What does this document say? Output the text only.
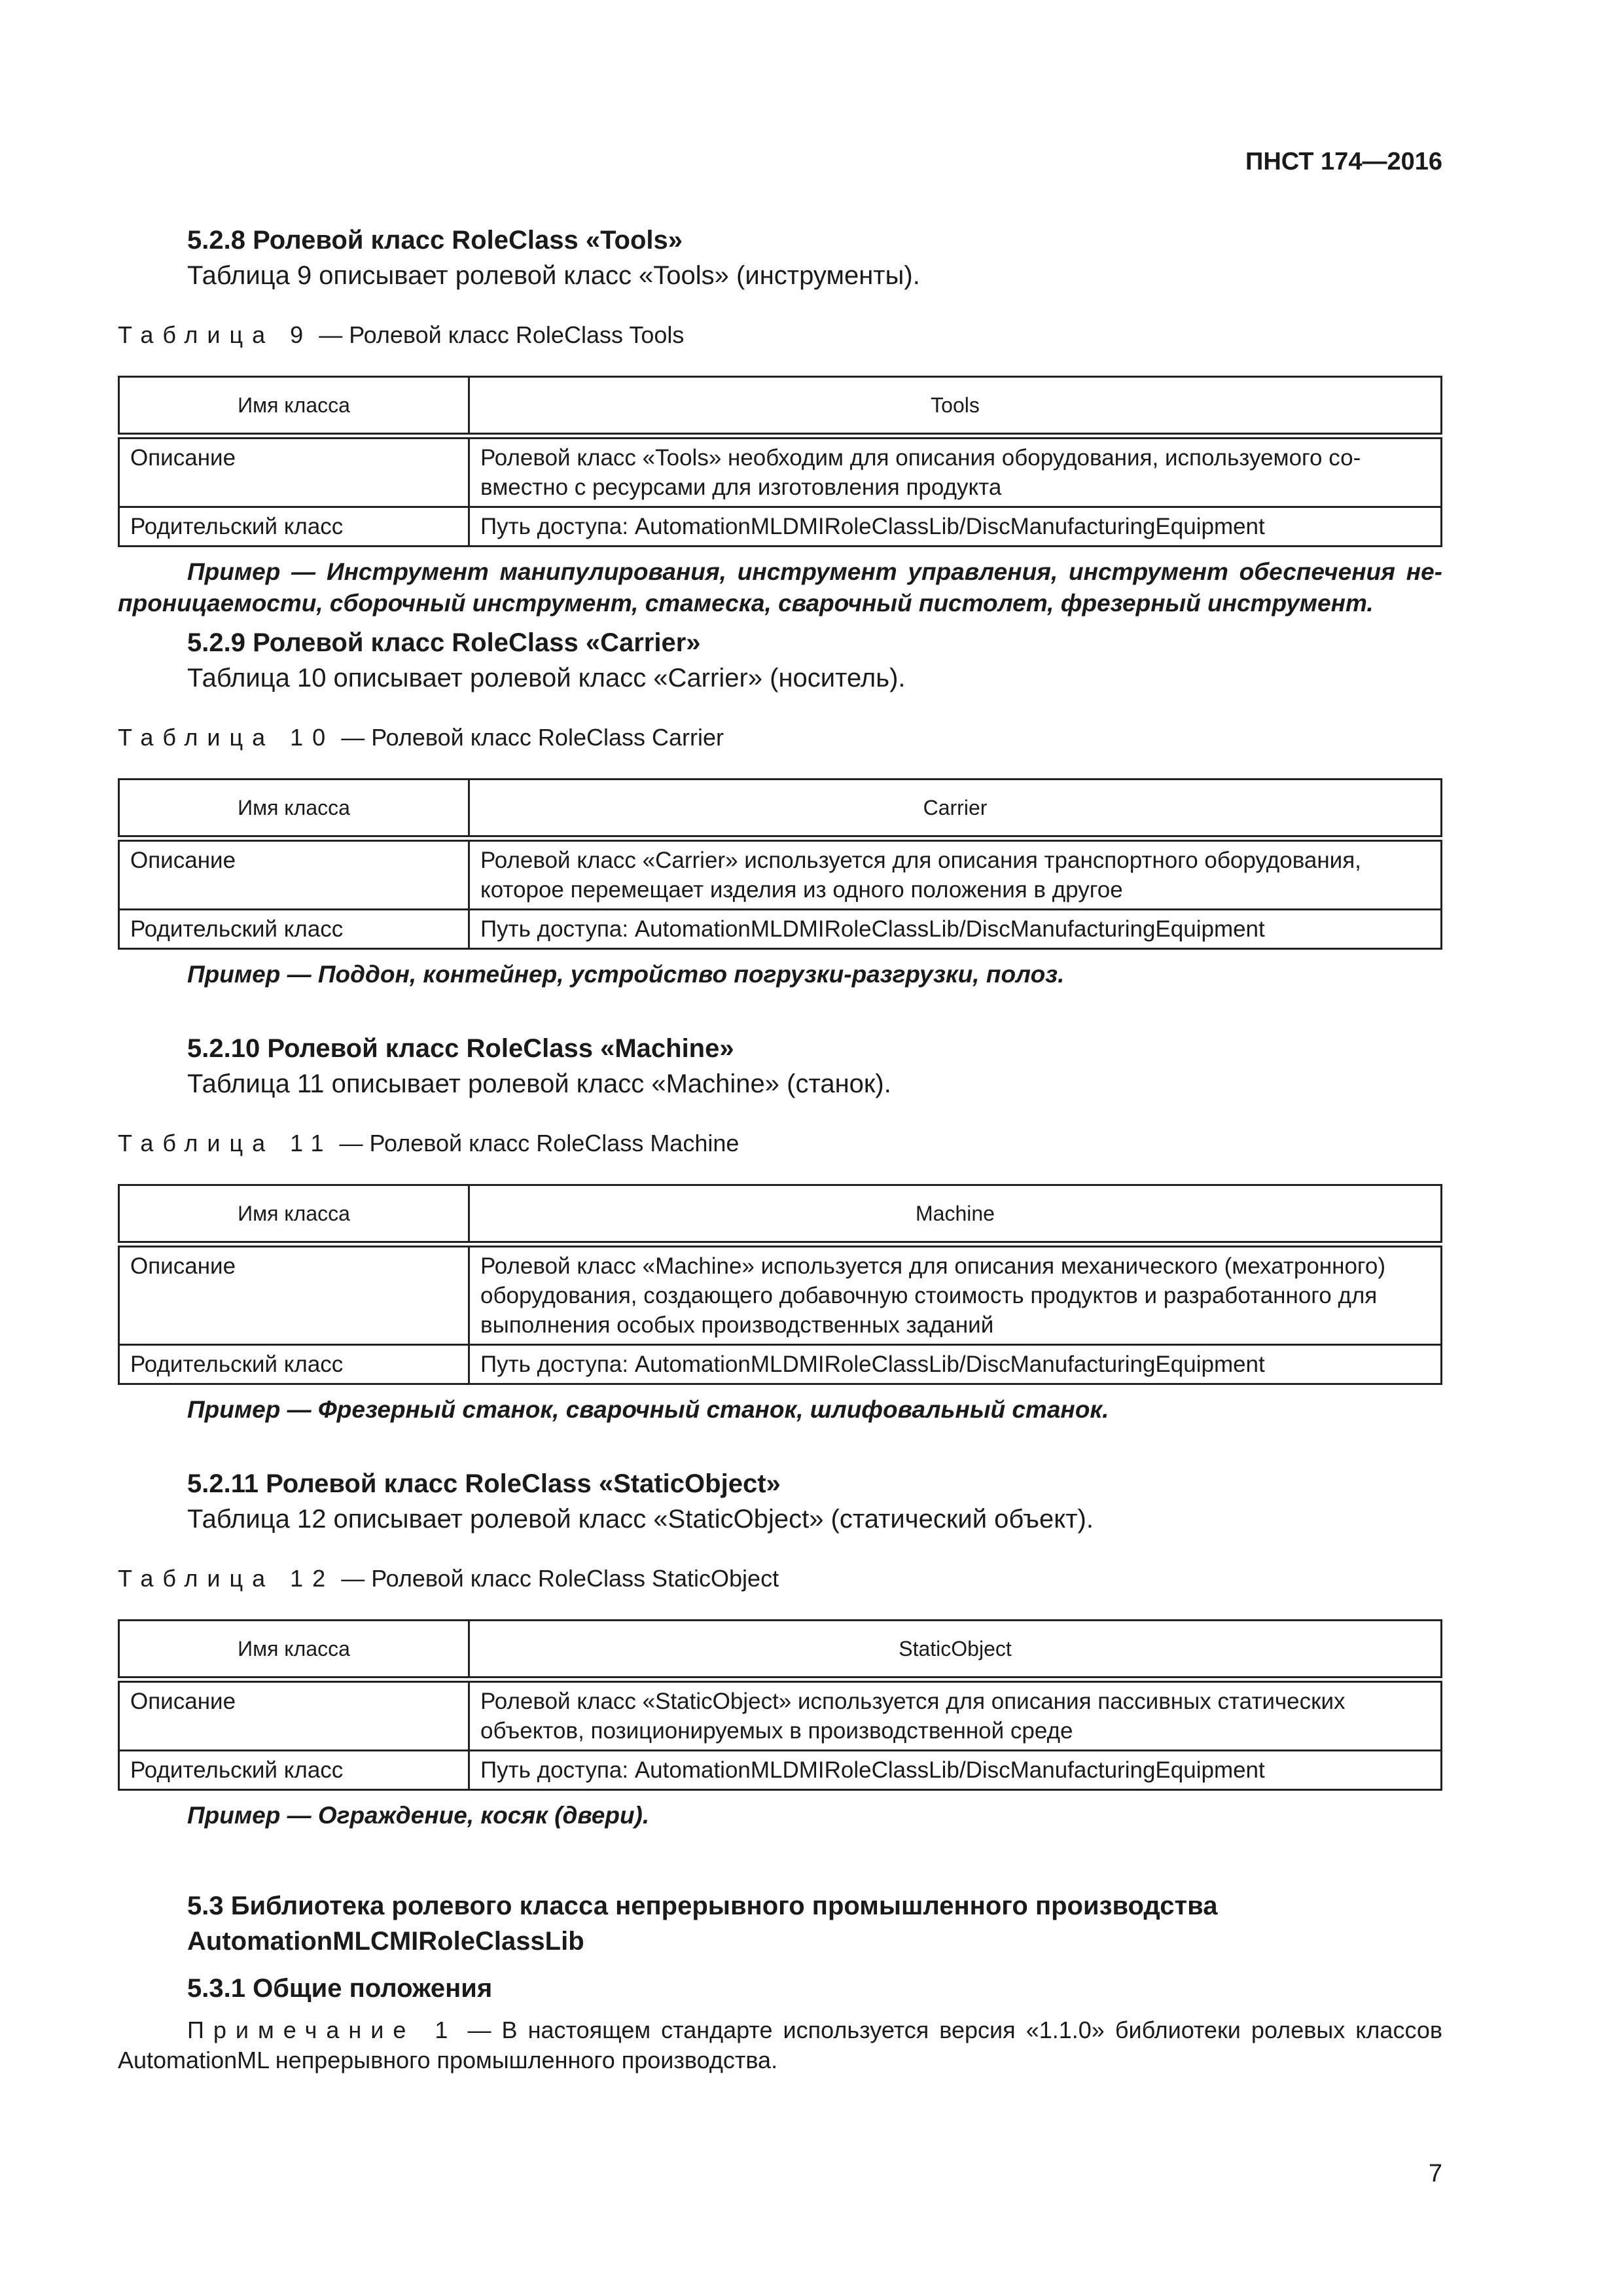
ПНСТ 174—2016
5.2.8 Ролевой класс RoleClass «Tools»
Таблица 9 описывает ролевой класс «Tools» (инструменты).
Таблица 9 — Ролевой класс RoleClass Tools
Имя класса	Tools
Описание	Ролевой класс «Tools» необходим для описания оборудования, используемого совместно с ресурсами для изготовления продукта
Родительский класс	Путь доступа: AutomationMLDMIRoleClassLib/DiscManufacturingEquipment
Пример — Инструмент манипулирования, инструмент управления, инструмент обеспечения непроницаемости, сборочный инструмент, стамеска, сварочный пистолет, фрезерный инструмент.
5.2.9 Ролевой класс RoleClass «Carrier»
Таблица 10 описывает ролевой класс «Carrier» (носитель).
Таблица 10 — Ролевой класс RoleClass Carrier
Имя класса	Carrier
Описание	Ролевой класс «Carrier» используется для описания транспортного оборудования, которое перемещает изделия из одного положения в другое
Родительский класс	Путь доступа: AutomationMLDMIRoleClassLib/DiscManufacturingEquipment
Пример — Поддон, контейнер, устройство погрузки-разгрузки, полоз.
5.2.10 Ролевой класс RoleClass «Machine»
Таблица 11 описывает ролевой класс «Machine» (станок).
Таблица 11 — Ролевой класс RoleClass Machine
Имя класса	Machine
Описание	Ролевой класс «Machine» используется для описания механического (мехатронного) оборудования, создающего добавочную стоимость продуктов и разработанного для выполнения особых производственных заданий
Родительский класс	Путь доступа: AutomationMLDMIRoleClassLib/DiscManufacturingEquipment
Пример — Фрезерный станок, сварочный станок, шлифовальный станок.
5.2.11 Ролевой класс RoleClass «StaticObject»
Таблица 12 описывает ролевой класс «StaticObject» (статический объект).
Таблица 12 — Ролевой класс RoleClass StaticObject
Имя класса	StaticObject
Описание	Ролевой класс «StaticObject» используется для описания пассивных статических объектов, позиционируемых в производственной среде
Родительский класс	Путь доступа: AutomationMLDMIRoleClassLib/DiscManufacturingEquipment
Пример — Ограждение, косяк (двери).
5.3 Библиотека ролевого класса непрерывного промышленного производства
AutomationMLCMIRoleClassLib
5.3.1 Общие положения
Примечание 1 — В настоящем стандарте используется версия «1.1.0» библиотеки ролевых классов AutomationML непрерывного промышленного производства.
7
